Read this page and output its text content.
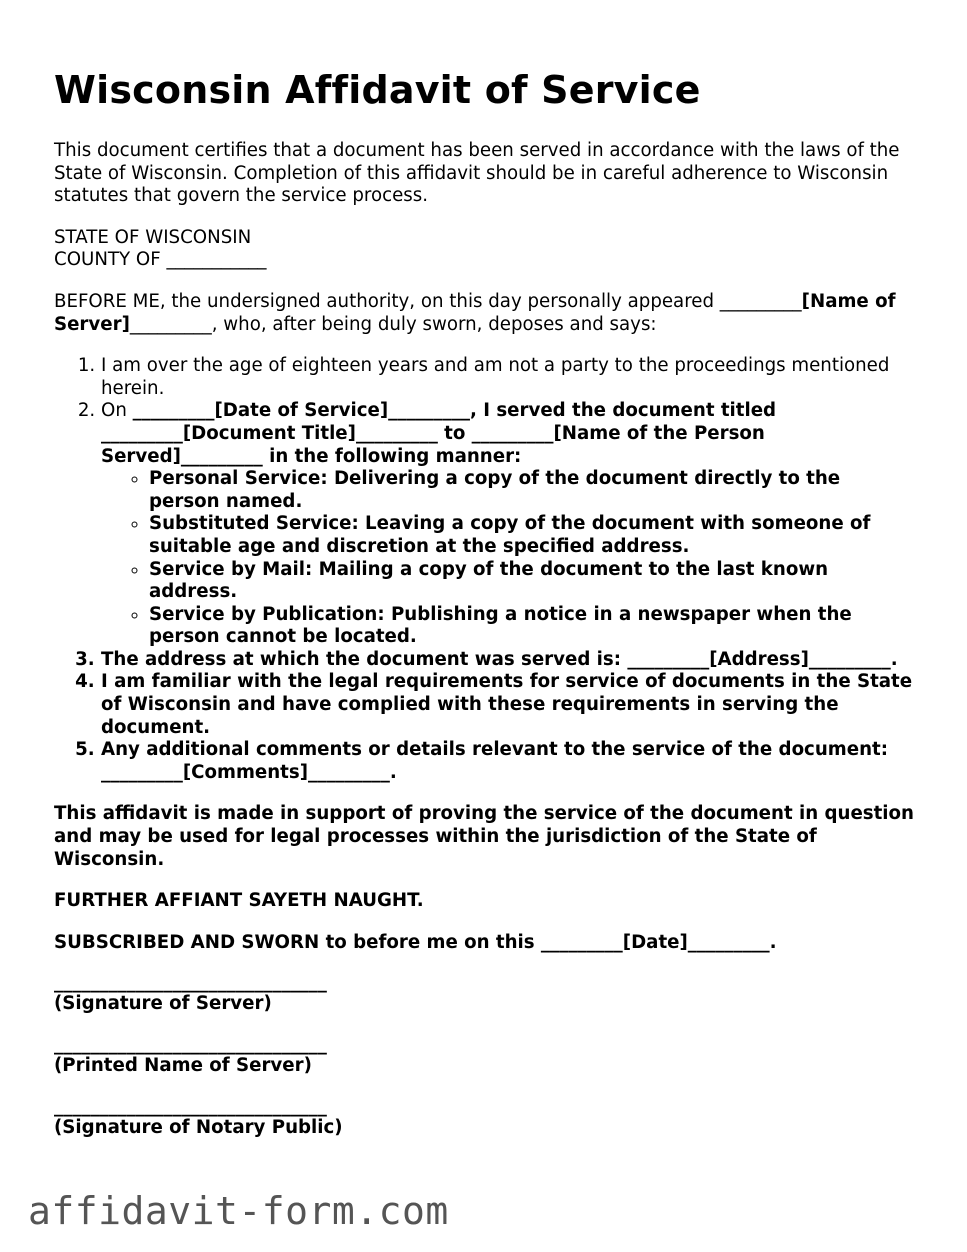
Wisconsin Affidavit of Service

This document certifies that a document has been served in accordance with the laws of the State of Wisconsin. Completion of this affidavit should be in careful adherence to Wisconsin statutes that govern the service process.

STATE OF WISCONSIN
COUNTY OF ___________

BEFORE ME, the undersigned authority, on this day personally appeared _________[Name of Server]_________, who, after being duly sworn, deposes and says:

1. I am over the age of eighteen years and am not a party to the proceedings mentioned herein.
2. On _________[Date of Service]_________, I served the document titled _________[Document Title]_________ to _________[Name of the Person Served]_________ in the following manner:
◦ Personal Service: Delivering a copy of the document directly to the person named.
◦ Substituted Service: Leaving a copy of the document with someone of suitable age and discretion at the specified address.
◦ Service by Mail: Mailing a copy of the document to the last known address.
◦ Service by Publication: Publishing a notice in a newspaper when the person cannot be located.
3. The address at which the document was served is: _________[Address]_________.
4. I am familiar with the legal requirements for service of documents in the State of Wisconsin and have complied with these requirements in serving the document.
5. Any additional comments or details relevant to the service of the document: _________[Comments]_________.

This affidavit is made in support of proving the service of the document in question and may be used for legal processes within the jurisdiction of the State of Wisconsin.

FURTHER AFFIANT SAYETH NAUGHT.

SUBSCRIBED AND SWORN to before me on this _________[Date]_________.

______________________________
(Signature of Server)
______________________________
(Printed Name of Server)
______________________________
(Signature of Notary Public)
affidavit-form.com
